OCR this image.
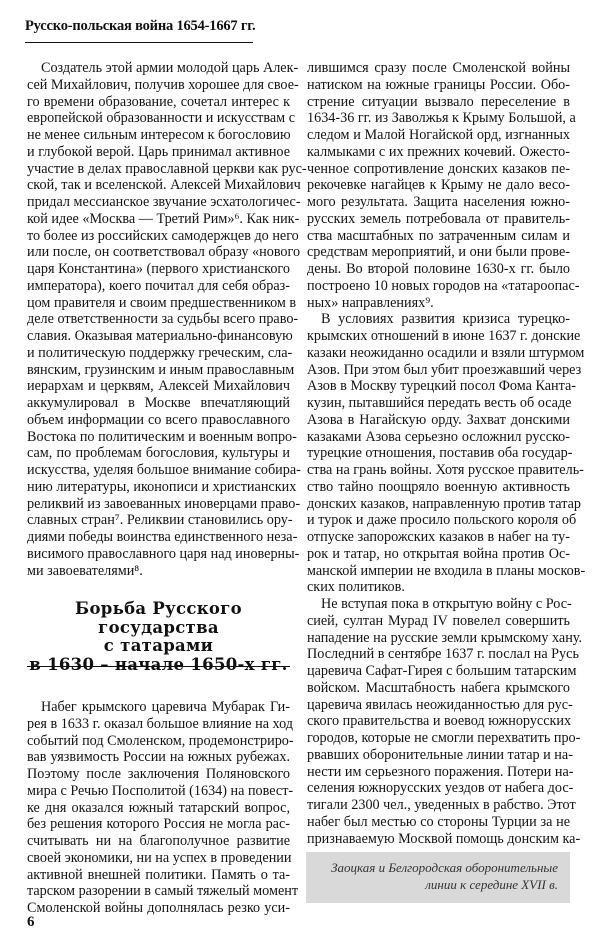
Русско-польская война 1654-1667 гг.
Создатель этой армии молодой царь Алек-
сей Михайлович, получив хорошее для свое-
го времени образование, сочетал интерес к
европейской образованности и искусствам с
не менее сильным интересом к богословию
и глубокой верой. Царь принимал активное
участие в делах православной церкви как рус-
ской, так и вселенской. Алексей Михайлович
придал мессианское звучание эсхатологичес-
кой идее «Москва — Третий Рим»⁶. Как ник-
то более из российских самодержцев до него
или после, он соответствовал образу «нового
царя Константина» (первого христианского
императора), коего почитал для себя образ-
цом правителя и своим предшественником в
деле ответственности за судьбы всего право-
славия. Оказывая материально-финансовую
и политическую поддержку греческим, сла-
вянским, грузинским и иным православным
иерархам и церквям, Алексей Михайлович
аккумулировал в Москве впечатляющий
объем информации со всего православного
Востока по политическим и военным вопро-
сам, по проблемам богословия, культуры и
искусства, уделяя большое внимание собира-
нию литературы, иконописи и христианских
реликвий из завоеванных иноверцами право-
славных стран⁷. Реликвии становились ору-
диями победы воинства единственного неза-
висимого православного царя над иноверны-
ми завоевателями⁸.
Борьба Русского государства
с татарами
в 1630 – начале 1650-х гг.
Набег крымского царевича Мубарак Ги-
рея в 1633 г. оказал большое влияние на ход
событий под Смоленском, продемонстриро-
вав уязвимость России на южных рубежах.
Поэтому после заключения Поляновского
мира с Речью Посполитой (1634) на повест-
ке дня оказался южный татарский вопрос,
без решения которого Россия не могла рас-
считывать ни на благополучное развитие
своей экономики, ни на успех в проведении
активной внешней политики. Память о та-
тарском разорении в самый тяжелый момент
Смоленской войны дополнялась резко уси-
лившимся сразу после Смоленской войны
натиском на южные границы России. Обо-
стрение ситуации вызвало переселение в
1634-36 гг. из Заволжья к Крыму Большой, а
следом и Малой Ногайской орд, изгнанных
калмыками с их прежних кочевий. Ожесто-
ченное сопротивление донских казаков пе-
рекочевке нагайцев к Крыму не дало весо-
мого результата. Защита населения южно-
русских земель потребовала от правитель-
ства масштабных по затраченным силам и
средствам мероприятий, и они были прове-
дены. Во второй половине 1630-х гг. было
построено 10 новых городов на «татароопас-
ных» направлениях⁹.
В условиях развития кризиса турецко-
крымских отношений в июне 1637 г. донские
казаки неожиданно осадили и взяли штурмом
Азов. При этом был убит проезжавший через
Азов в Москву турецкий посол Фома Канта-
кузин, пытавшийся передать весть об осаде
Азова в Нагайскую орду. Захват донскими
казаками Азова серьезно осложнил русско-
турецкие отношения, поставив оба государ-
ства на грань войны. Хотя русское правитель-
ство тайно поощряло военную активность
донских казаков, направленную против татар
и турок и даже просило польского короля об
отпуске запорожских казаков в набег на ту-
рок и татар, но открытая война против Ос-
манской империи не входила в планы москов-
ских политиков.
Не вступая пока в открытую войну с Рос-
сией, султан Мурад IV повелел совершить
нападение на русские земли крымскому хану.
Последний в сентябре 1637 г. послал на Русь
царевича Сафат-Гирея с большим татарским
войском. Масштабность набега крымского
царевича явилась неожиданностью для рус-
ского правительства и воевод южнорусских
городов, которые не смогли перехватить про-
рвавших оборонительные линии татар и на-
нести им серьезного поражения. Потери на-
селения южнорусских уездов от набега дос-
тигали 2300 чел., уведенных в рабство. Этот
набег был местью со стороны Турции за не
признаваемую Москвой помощь донским ка-
Заоцкая и Белгородская оборонительные
линии к середине XVII в.
6
